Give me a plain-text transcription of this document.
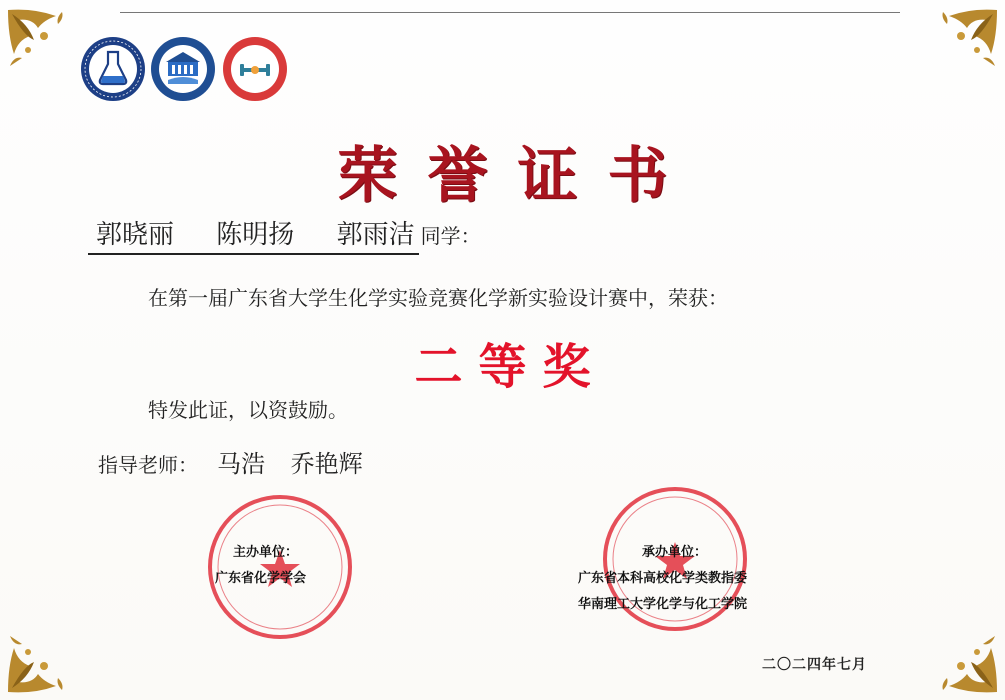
荣誉证书
郭晓丽 陈明扬 郭雨洁 同学：
在第一届广东省大学生化学实验竞赛化学新实验设计赛中，荣获：
二等奖
特发此证，以资鼓励。
指导老师： 马浩 乔艳辉
主办单位：
广东省化学学会
承办单位：
广东省本科高校化学类教指委
华南理工大学化学与化工学院
二〇二四年七月
